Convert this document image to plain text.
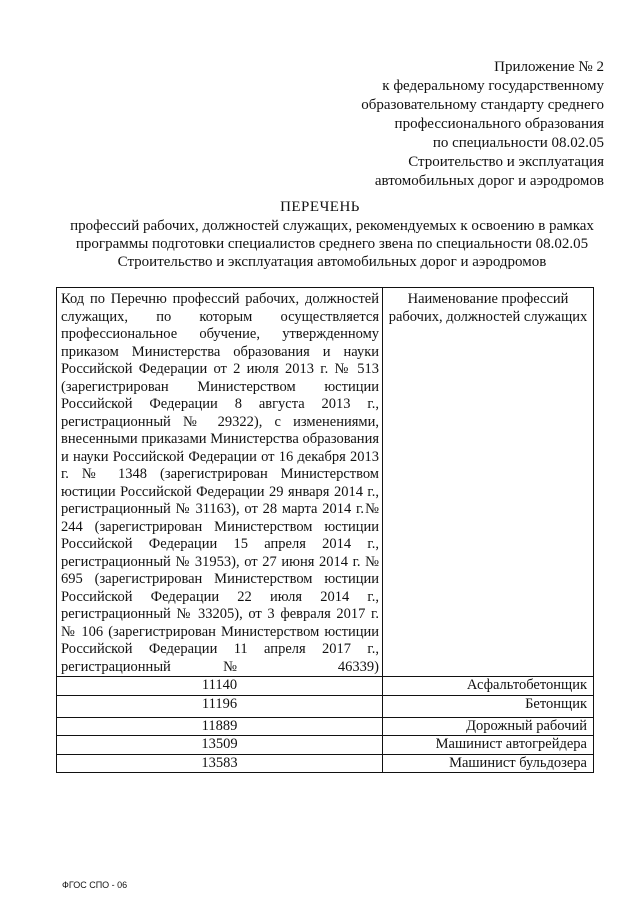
Приложение № 2
к федеральному государственному
образовательному стандарту среднего
профессионального образования
по специальности 08.02.05
Строительство и эксплуатация
автомобильных дорог и аэродромов
ПЕРЕЧЕНЬ
профессий рабочих, должностей служащих, рекомендуемых к освоению в рамках программы подготовки специалистов среднего звена по специальности 08.02.05 Строительство и эксплуатация автомобильных дорог и аэродромов
Код по Перечню профессий рабочих, должностей служащих, по которым осуществляется профессиональное обучение, утвержденному приказом Министерства образования и науки Российской Федерации от 2 июля 2013 г. № 513 (зарегистрирован Министерством юстиции Российской Федерации 8 августа 2013 г., регистрационный № 29322), с изменениями, внесенными приказами Министерства образования и науки Российской Федерации от 16 декабря 2013 г. № 1348 (зарегистрирован Министерством юстиции Российской Федерации 29 января 2014 г., регистрационный № 31163), от 28 марта 2014 г.№ 244 (зарегистрирован Министерством юстиции Российской Федерации 15 апреля 2014 г., регистрационный № 31953), от 27 июня 2014 г. № 695 (зарегистрирован Министерством юстиции Российской Федерации 22 июля 2014 г., регистрационный № 33205), от 3 февраля 2017 г. № 106 (зарегистрирован Министерством юстиции Российской Федерации 11 апреля 2017 г., регистрационный № 46339)	Наименование профессий рабочих, должностей служащих
11140	Асфальтобетонщик
11196	Бетонщик
11889	Дорожный рабочий
13509	Машинист автогрейдера
13583	Машинист бульдозера
ФГОС СПО - 06
